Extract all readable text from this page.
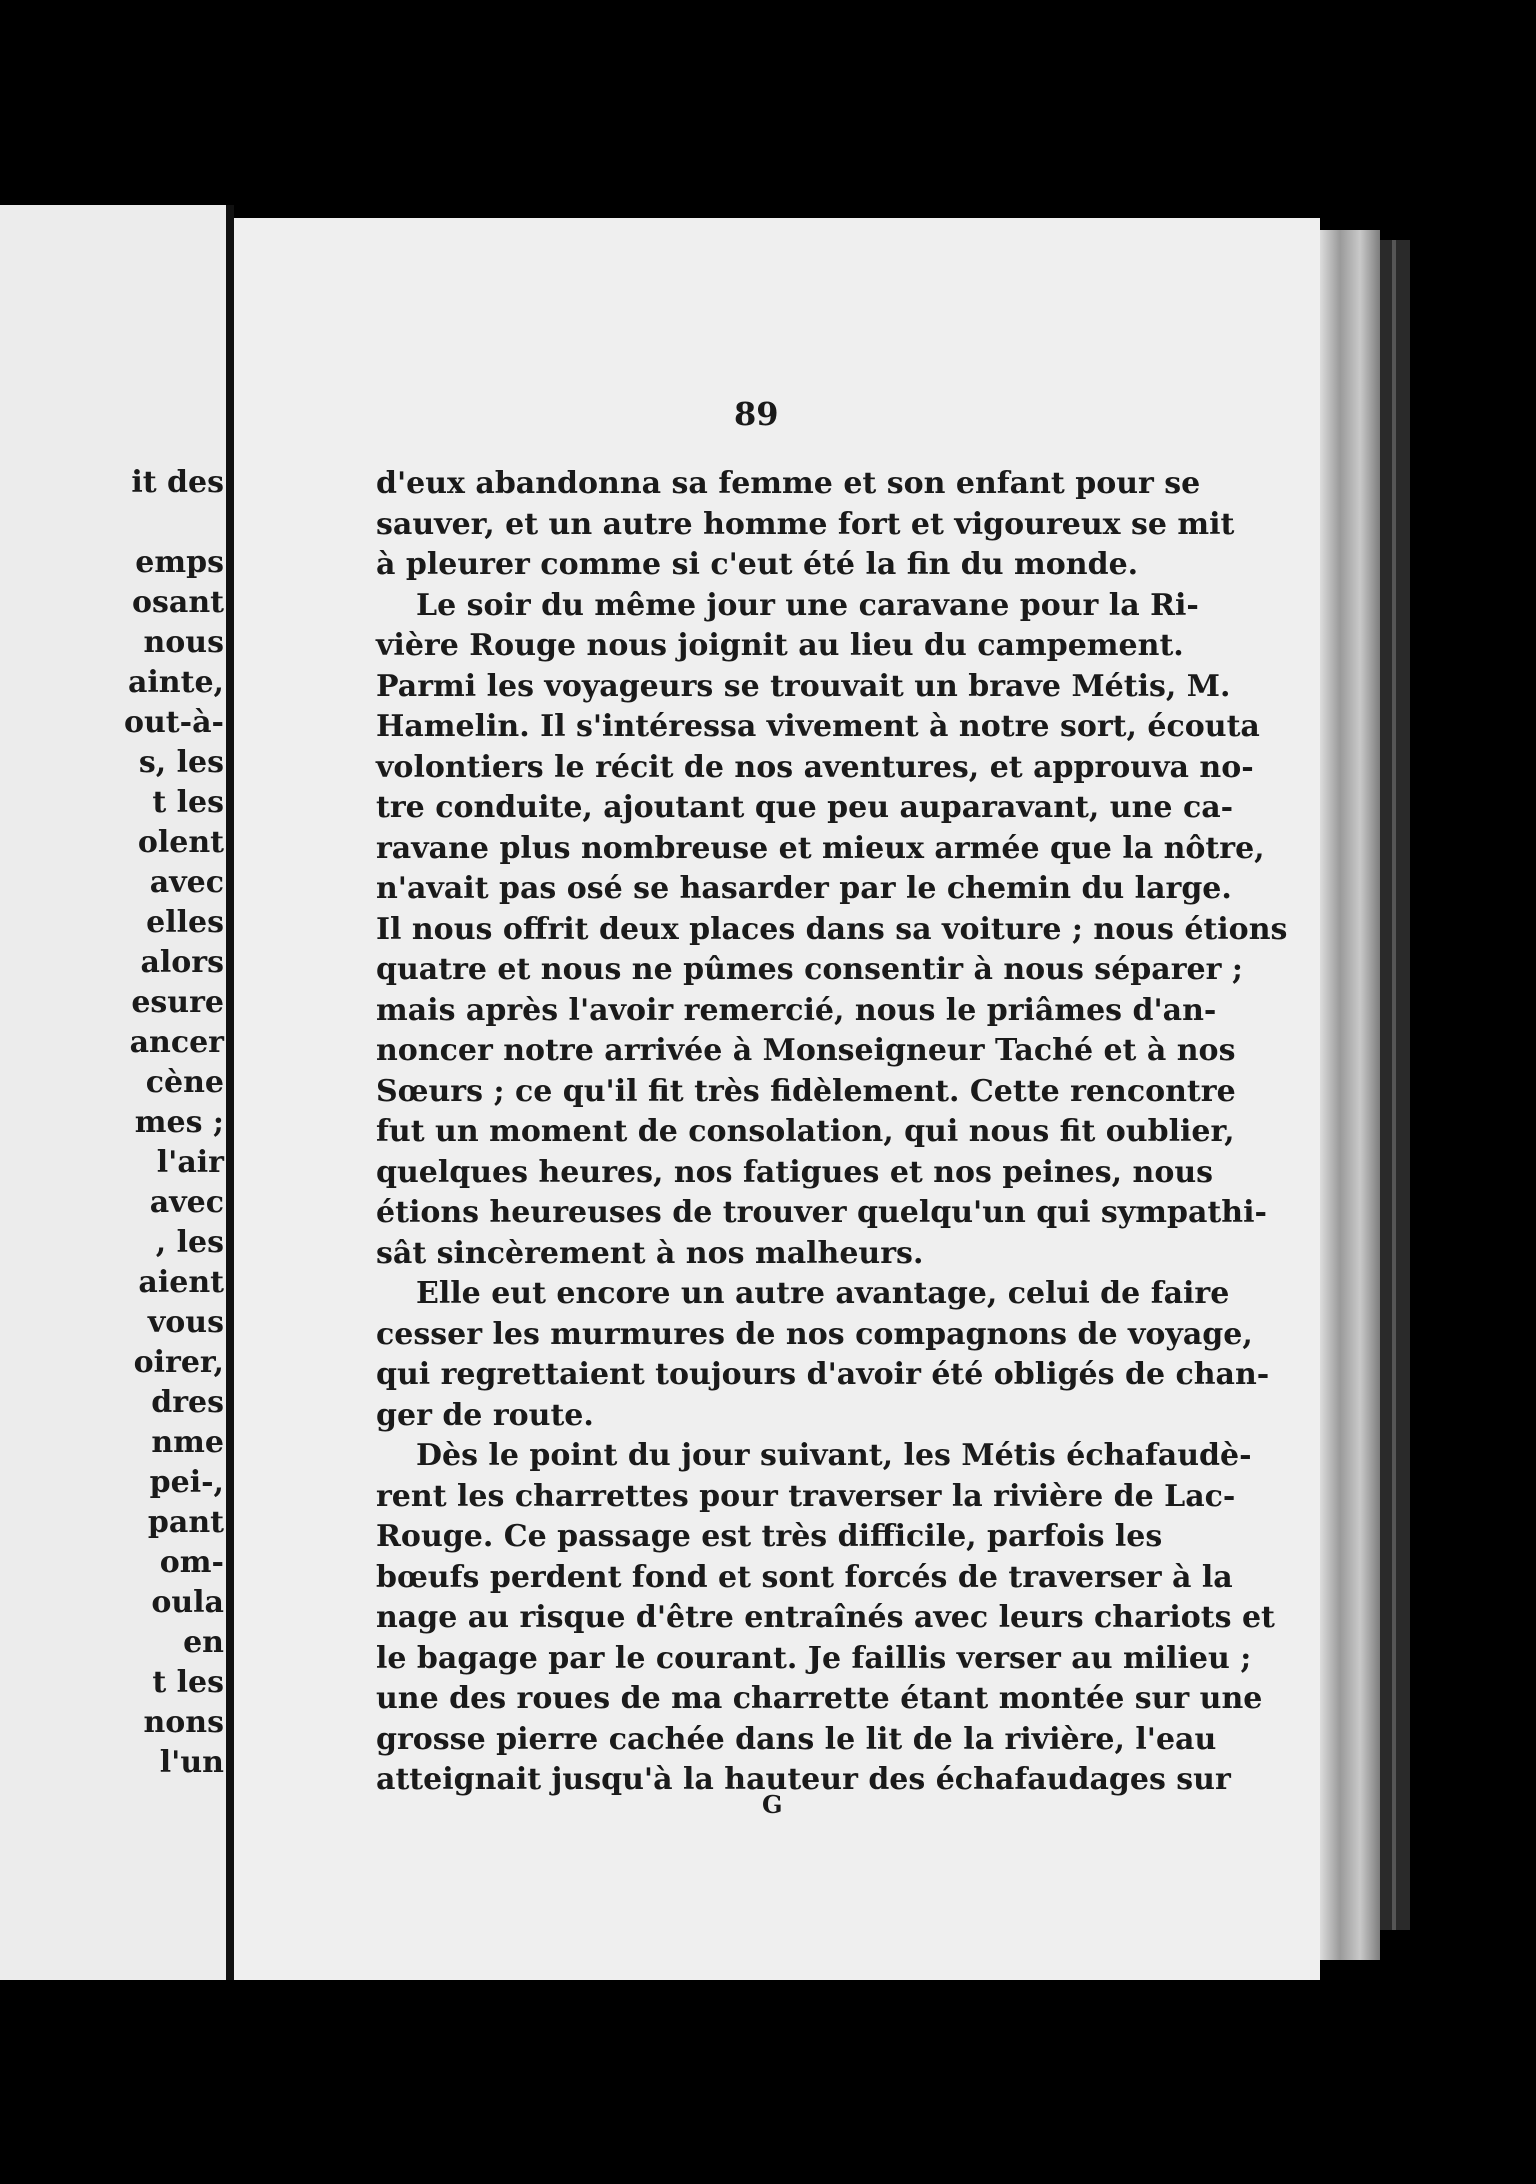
it des
emps
osant
nous
ainte,
out-à-
s, les
t les
olent
avec
elles
alors
esure
ancer
cène
mes ;
l'air
avec
, les
aient
vous
oirer,
dres
nme
pei-,
pant
om-
oula
en
t les
nons
l'un
89
d'eux abandonna sa femme et son enfant pour se
sauver, et un autre homme fort et vigoureux se mit
à pleurer comme si c'eut été la fin du monde.
Le soir du même jour une caravane pour la Ri-
vière Rouge nous joignit au lieu du campement.
Parmi les voyageurs se trouvait un brave Métis, M.
Hamelin. Il s'intéressa vivement à notre sort, écouta
volontiers le récit de nos aventures, et approuva no-
tre conduite, ajoutant que peu auparavant, une ca-
ravane plus nombreuse et mieux armée que la nôtre,
n'avait pas osé se hasarder par le chemin du large.
Il nous offrit deux places dans sa voiture ; nous étions
quatre et nous ne pûmes consentir à nous séparer ;
mais après l'avoir remercié, nous le priâmes d'an-
noncer notre arrivée à Monseigneur Taché et à nos
Sœurs ; ce qu'il fit très fidèlement. Cette rencontre
fut un moment de consolation, qui nous fit oublier,
quelques heures, nos fatigues et nos peines, nous
étions heureuses de trouver quelqu'un qui sympathi-
sât sincèrement à nos malheurs.
Elle eut encore un autre avantage, celui de faire
cesser les murmures de nos compagnons de voyage,
qui regrettaient toujours d'avoir été obligés de chan-
ger de route.
Dès le point du jour suivant, les Métis échafaudè-
rent les charrettes pour traverser la rivière de Lac-
Rouge. Ce passage est très difficile, parfois les
bœufs perdent fond et sont forcés de traverser à la
nage au risque d'être entraînés avec leurs chariots et
le bagage par le courant. Je faillis verser au milieu ;
une des roues de ma charrette étant montée sur une
grosse pierre cachée dans le lit de la rivière, l'eau
atteignait jusqu'à la hauteur des échafaudages sur
G
